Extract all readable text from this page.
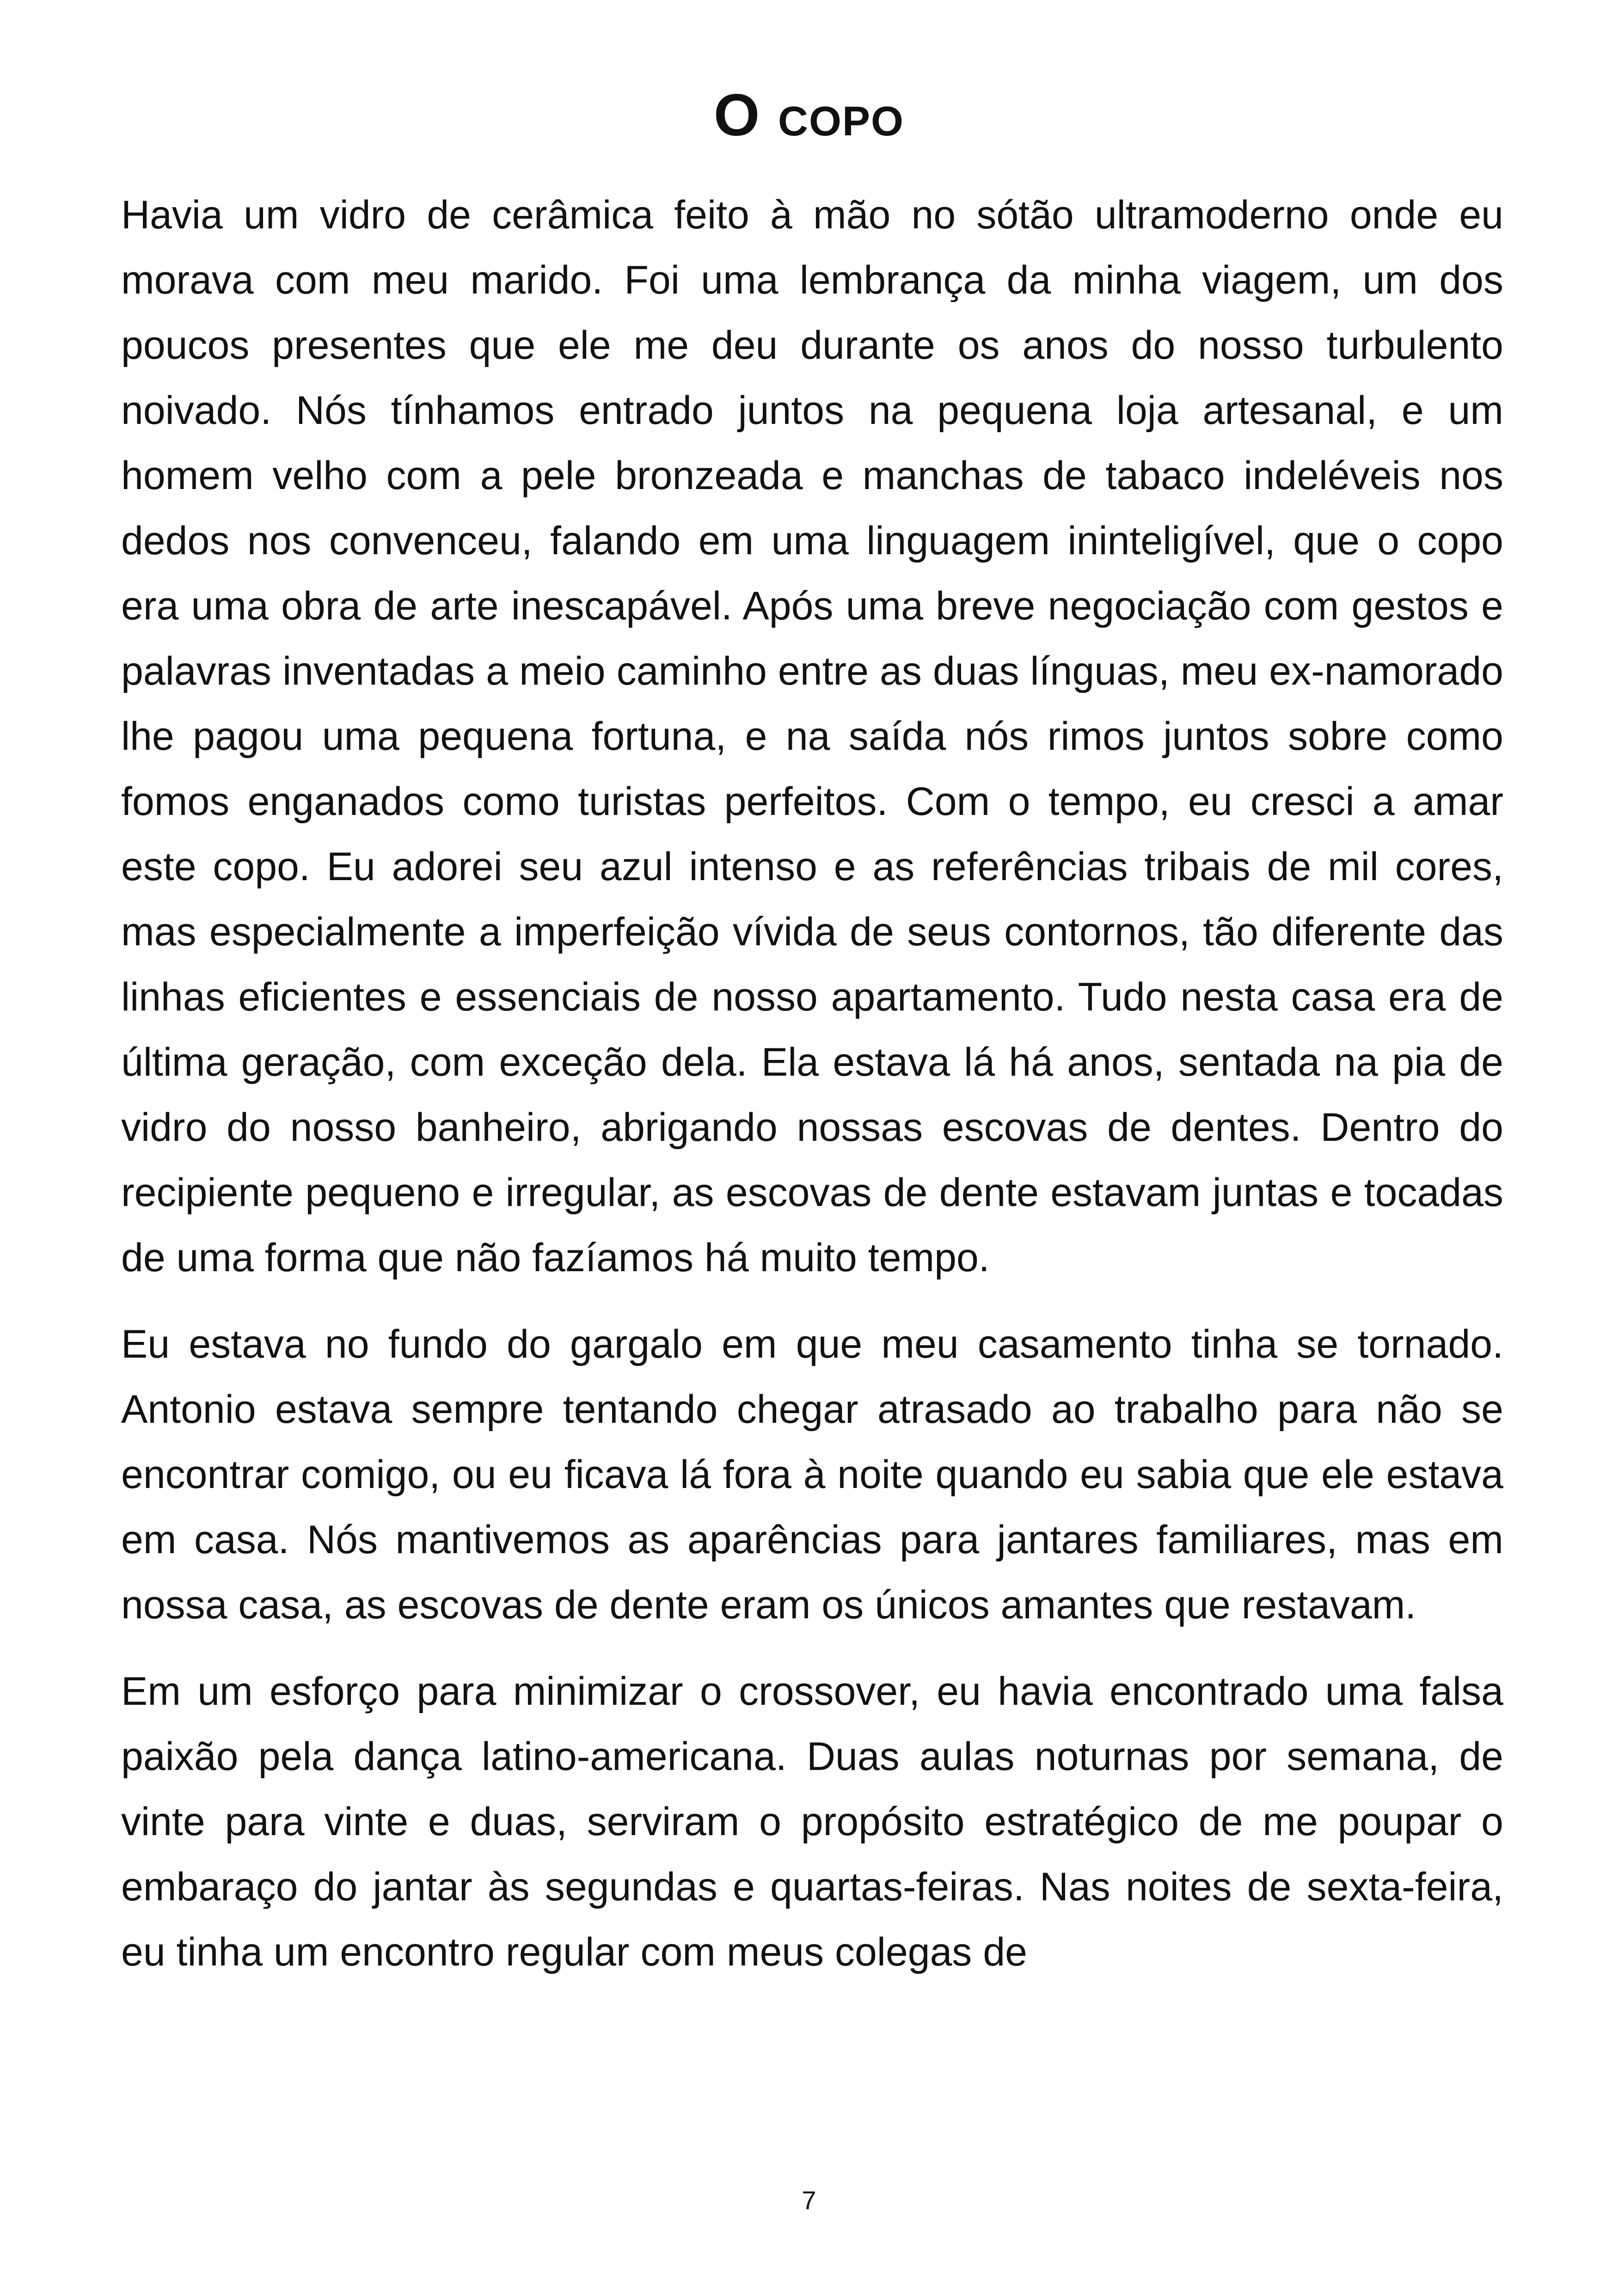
O copo

Havia um vidro de cerâmica feito à mão no sótão ultramoderno onde eu morava com meu marido. Foi uma lembrança da minha viagem, um dos poucos presentes que ele me deu durante os anos do nosso turbulento noivado. Nós tínhamos entrado juntos na pequena loja artesanal, e um homem velho com a pele bronzeada e manchas de tabaco indeléveis nos dedos nos convenceu, falando em uma linguagem ininteligível, que o copo era uma obra de arte inescapável. Após uma breve negociação com gestos e palavras inventadas a meio caminho entre as duas línguas, meu ex-namorado lhe pagou uma pequena fortuna, e na saída nós rimos juntos sobre como fomos enganados como turistas perfeitos. Com o tempo, eu cresci a amar este copo. Eu adorei seu azul intenso e as referências tribais de mil cores, mas especialmente a imperfeição vívida de seus contornos, tão diferente das linhas eficientes e essenciais de nosso apartamento. Tudo nesta casa era de última geração, com exceção dela. Ela estava lá há anos, sentada na pia de vidro do nosso banheiro, abrigando nossas escovas de dentes. Dentro do recipiente pequeno e irregular, as escovas de dente estavam juntas e tocadas de uma forma que não fazíamos há muito tempo.

Eu estava no fundo do gargalo em que meu casamento tinha se tornado. Antonio estava sempre tentando chegar atrasado ao trabalho para não se encontrar comigo, ou eu ficava lá fora à noite quando eu sabia que ele estava em casa. Nós mantivemos as aparências para jantares familiares, mas em nossa casa, as escovas de dente eram os únicos amantes que restavam.

Em um esforço para minimizar o crossover, eu havia encontrado uma falsa paixão pela dança latino-americana. Duas aulas noturnas por semana, de vinte para vinte e duas, serviram o propósito estratégico de me poupar o embaraço do jantar às segundas e quartas-feiras. Nas noites de sexta-feira, eu tinha um encontro regular com meus colegas de

7
